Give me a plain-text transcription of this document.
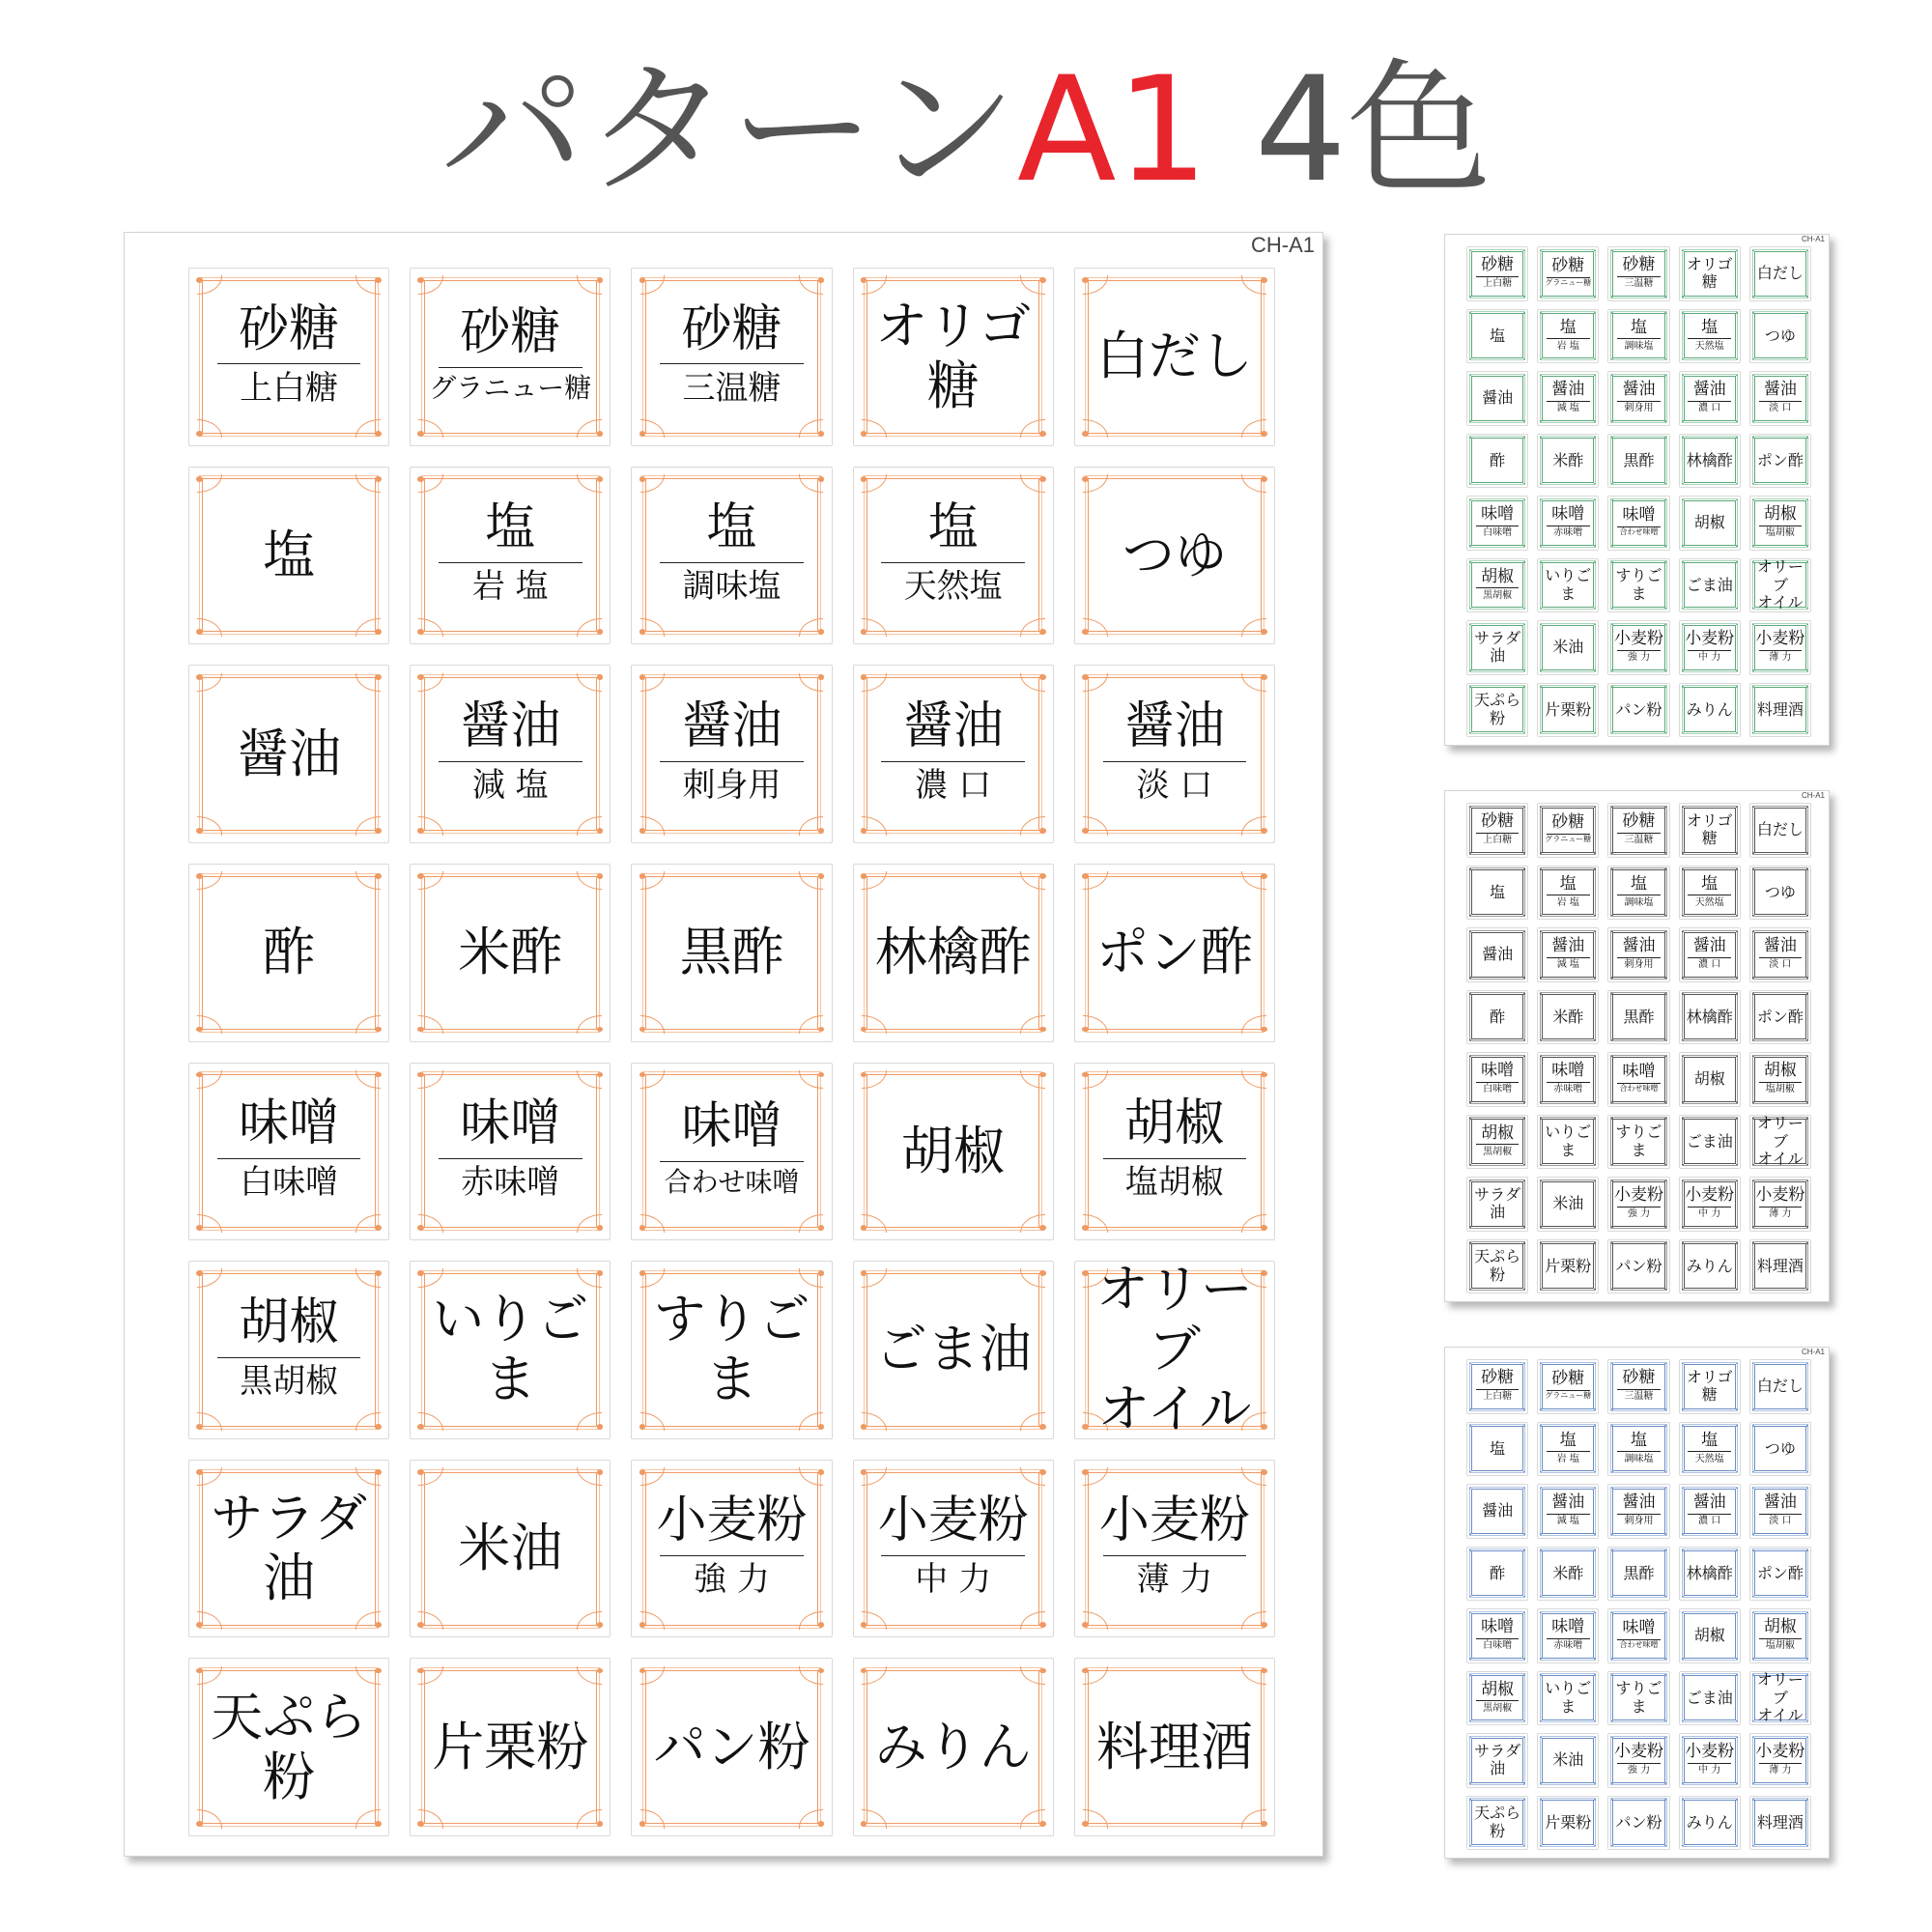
パターンA1 4色
CH-A1
砂糖
上白糖
砂糖
グラニュー糖
砂糖
三温糖
オリゴ糖	白だし
塩	塩
岩 塩
塩
調味塩
塩
天然塩
つゆ
醤油 醤油
減 塩
醤油
刺身用
醤油
濃 口
醤油
淡 口
酢	米酢 黒酢 林檎酢 ポン酢
味噌
白味噌
味噌
赤味噌
味噌
合わせ味噌
胡椒 胡椒
塩胡椒
胡椒
黒胡椒
いりごま
すりごま	ごま油
オリーブ
オイル
サラダ油	米油 小麦粉
強 力
小麦粉
中 力
小麦粉
薄 力
天ぷら粉	片栗粉 パン粉 みりん 料理酒
CH-A1
砂糖
上白糖
砂糖
グラニュー糖
砂糖
三温糖
オリゴ糖	白だし
塩	塩
岩 塩
塩
調味塩
塩
天然塩
つゆ
醤油 醤油
減 塩
醤油
刺身用
醤油
濃 口
醤油
淡 口
酢	米酢	黒酢 林檎酢 ポン酢
味噌
白味噌
味噌
赤味噌
味噌
合わせ味噌
胡椒 胡椒
塩胡椒
胡椒
黒胡椒
いりごま
すりごま	ごま油
オリーブ
オイル
サラダ油	米油 小麦粉
強 力
小麦粉
中 力
小麦粉
薄 力
天ぷら粉	片栗粉 パン粉 みりん 料理酒
CH-A1
砂糖
上白糖
砂糖
グラニュー糖
砂糖
三温糖
オリゴ糖	白だし
塩	塩
岩 塩
塩
調味塩
塩
天然塩
つゆ
醤油 醤油
減 塩
醤油
刺身用
醤油
濃 口
醤油
淡 口
酢	米酢	黒酢 林檎酢 ポン酢
味噌
白味噌
味噌
赤味噌
味噌
合わせ味噌
胡椒 胡椒
塩胡椒
胡椒
黒胡椒
いりごま
すりごま	ごま油
オリーブ
オイル
サラダ油	米油 小麦粉
強 力
小麦粉
中 力
小麦粉
薄 力
天ぷら粉	片栗粉 パン粉 みりん 料理酒
CH-A1
砂糖
上白糖
砂糖
グラニュー糖
砂糖
三温糖
オリゴ糖	白だし
塩	塩
岩 塩
塩
調味塩
塩
天然塩
つゆ
醤油 醤油
減 塩
醤油
刺身用
醤油
濃 口
醤油
淡 口
酢	米酢	黒酢 林檎酢 ポン酢
味噌
白味噌
味噌
赤味噌
味噌
合わせ味噌
胡椒 胡椒
塩胡椒
胡椒
黒胡椒
いりごま
すりごま	ごま油
オリーブ
オイル
サラダ油	米油 小麦粉
強 力
小麦粉
中 力
小麦粉
薄 力
天ぷら粉	片栗粉 パン粉 みりん 料理酒
